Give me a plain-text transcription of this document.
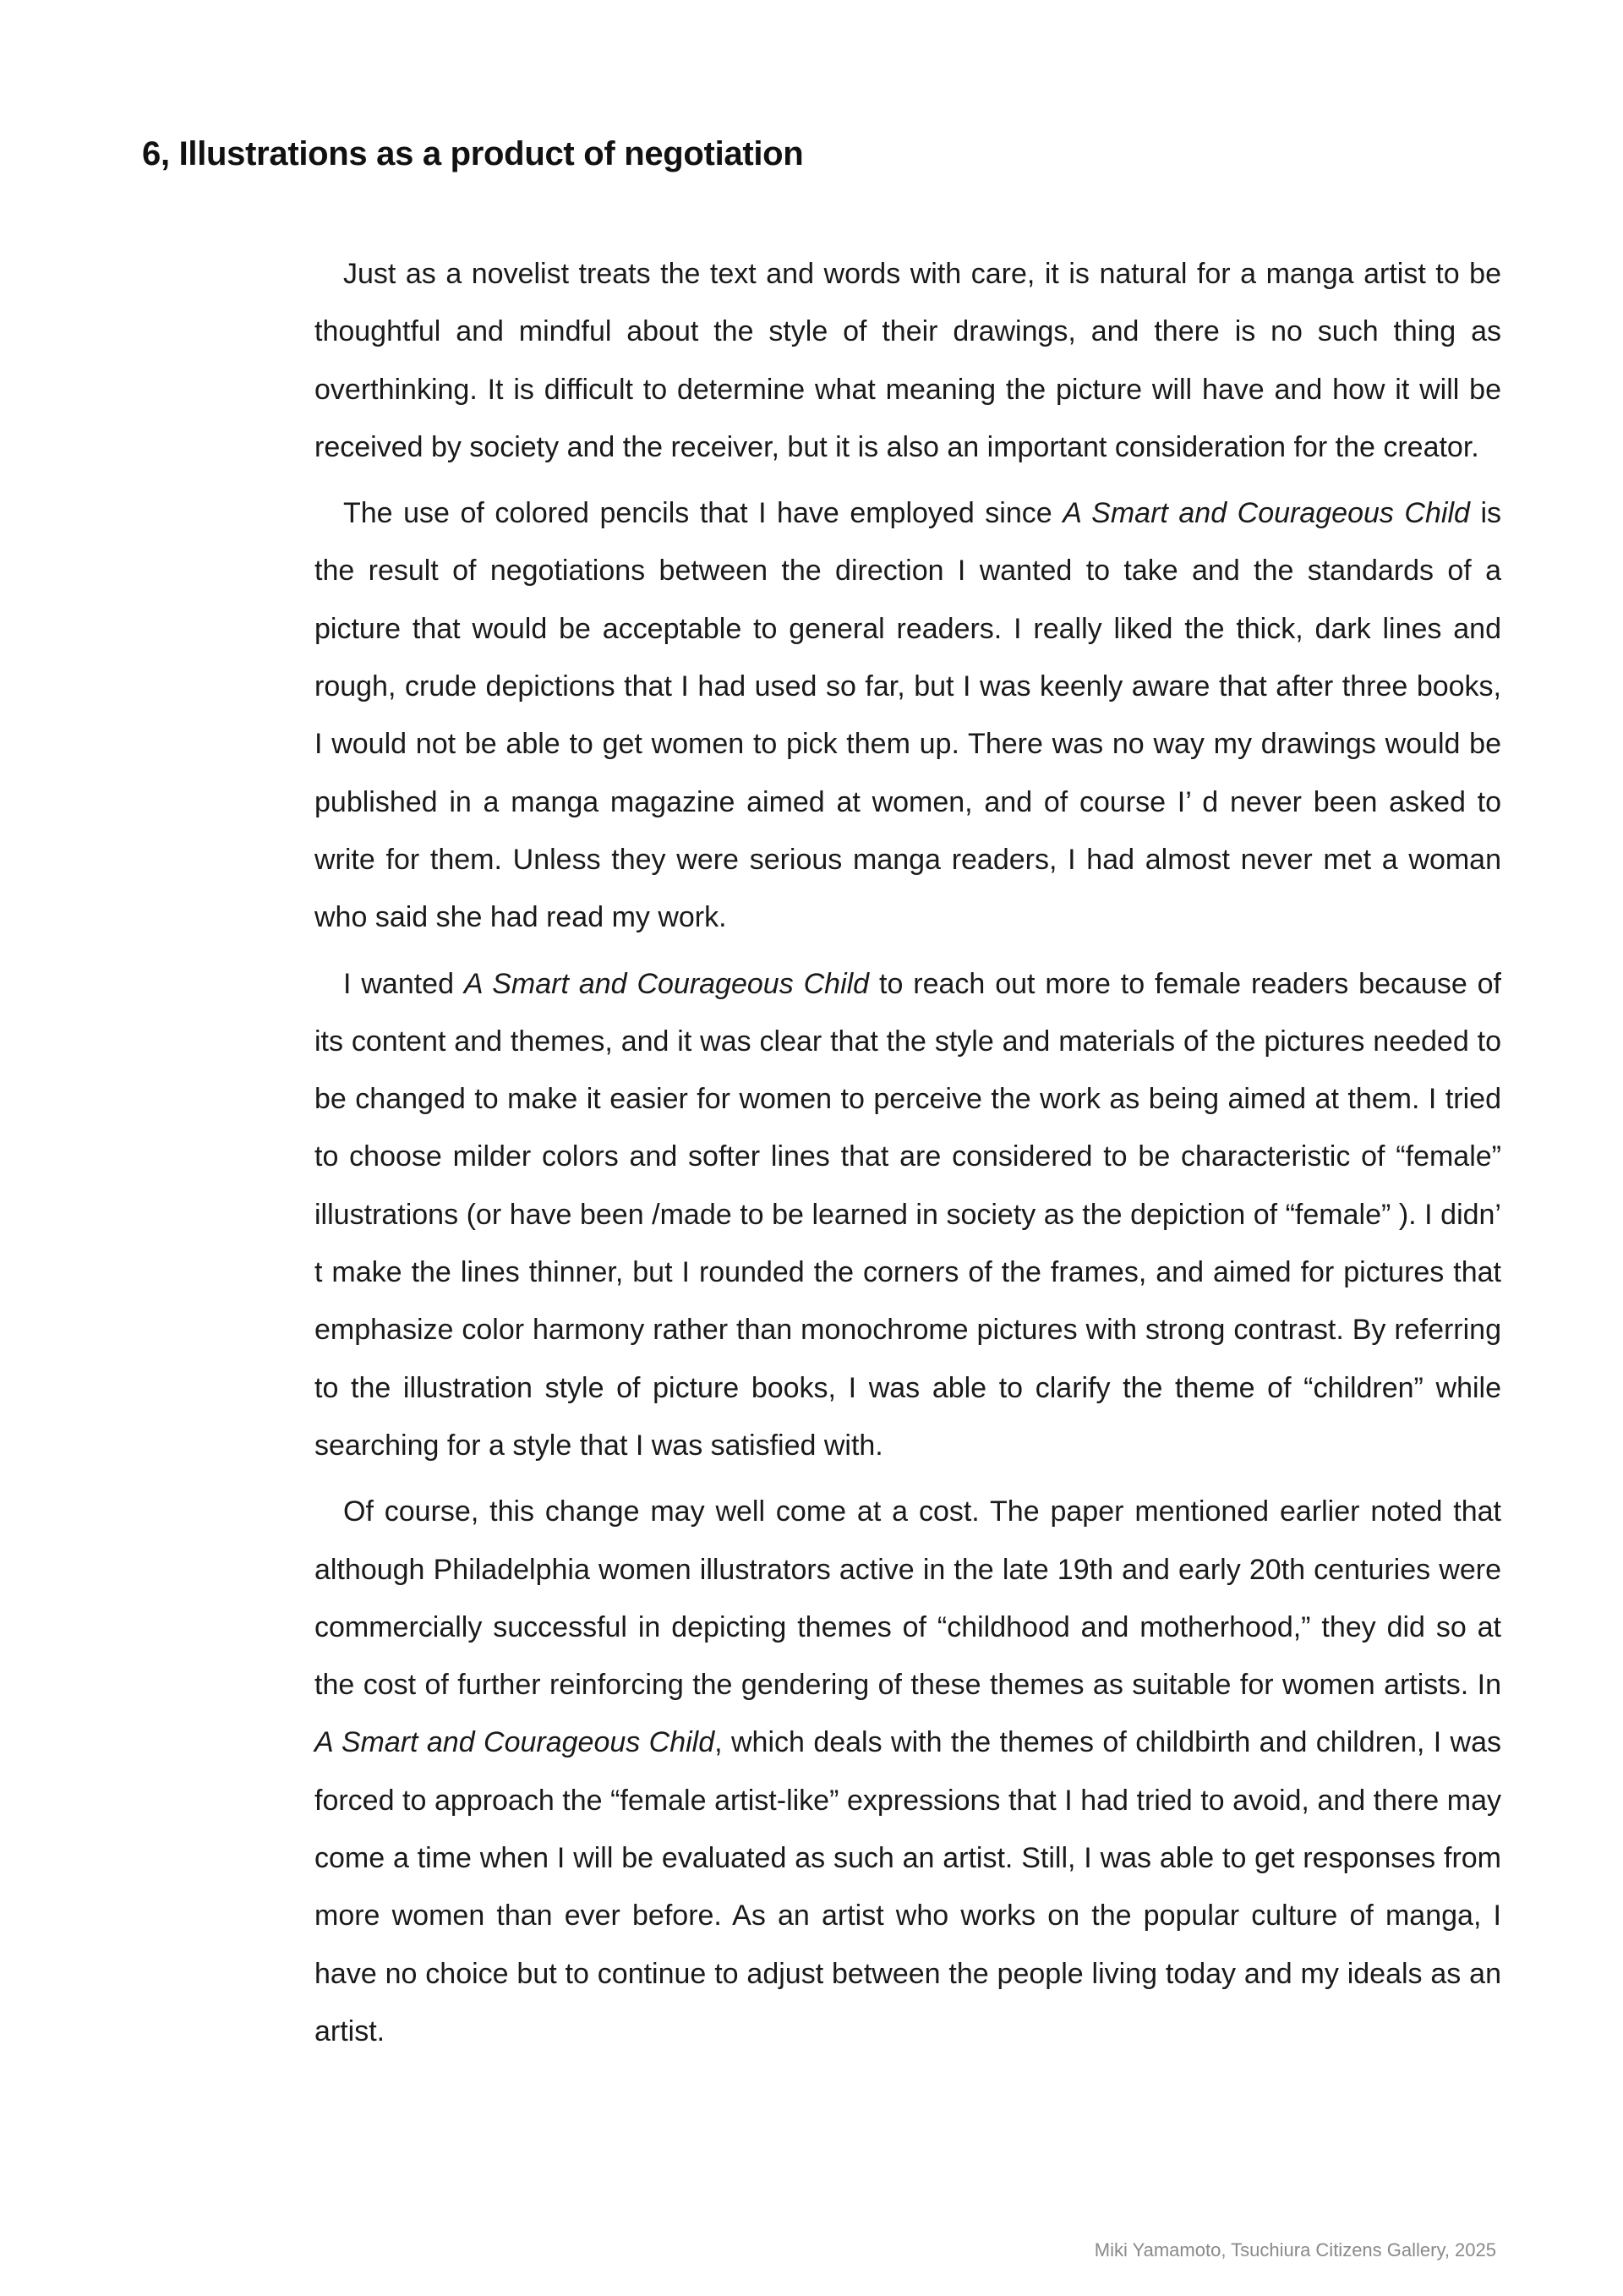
6, Illustrations as a product of negotiation

Just as a novelist treats the text and words with care, it is natural for a manga artist to be thoughtful and mindful about the style of their drawings, and there is no such thing as overthinking. It is difficult to determine what meaning the picture will have and how it will be received by society and the receiver, but it is also an important consideration for the creator.

The use of colored pencils that I have employed since A Smart and Courageous Child is the result of negotiations between the direction I wanted to take and the standards of a picture that would be acceptable to general readers. I really liked the thick, dark lines and rough, crude depictions that I had used so far, but I was keenly aware that after three books, I would not be able to get women to pick them up. There was no way my drawings would be published in a manga magazine aimed at women, and of course I’ d never been asked to write for them. Unless they were serious manga readers, I had almost never met a woman who said she had read my work.

I wanted A Smart and Courageous Child to reach out more to female readers because of its content and themes, and it was clear that the style and materials of the pictures needed to be changed to make it easier for women to perceive the work as being aimed at them. I tried to choose milder colors and softer lines that are considered to be characteristic of “female” illustrations (or have been /made to be learned in society as the depiction of “female” ). I didn’ t make the lines thinner, but I rounded the corners of the frames, and aimed for pictures that emphasize color harmony rather than monochrome pictures with strong contrast. By referring to the illustration style of picture books, I was able to clarify the theme of “children” while searching for a style that I was satisfied with.

Of course, this change may well come at a cost. The paper mentioned earlier noted that although Philadelphia women illustrators active in the late 19th and early 20th centuries were commercially successful in depicting themes of “childhood and motherhood,” they did so at the cost of further reinforcing the gendering of these themes as suitable for women artists. In A Smart and Courageous Child, which deals with the themes of childbirth and children, I was forced to approach the “female artist-like” expressions that I had tried to avoid, and there may come a time when I will be evaluated as such an artist. Still, I was able to get responses from more women than ever before. As an artist who works on the popular culture of manga, I have no choice but to continue to adjust between the people living today and my ideals as an artist.

Miki Yamamoto, Tsuchiura Citizens Gallery, 2025
